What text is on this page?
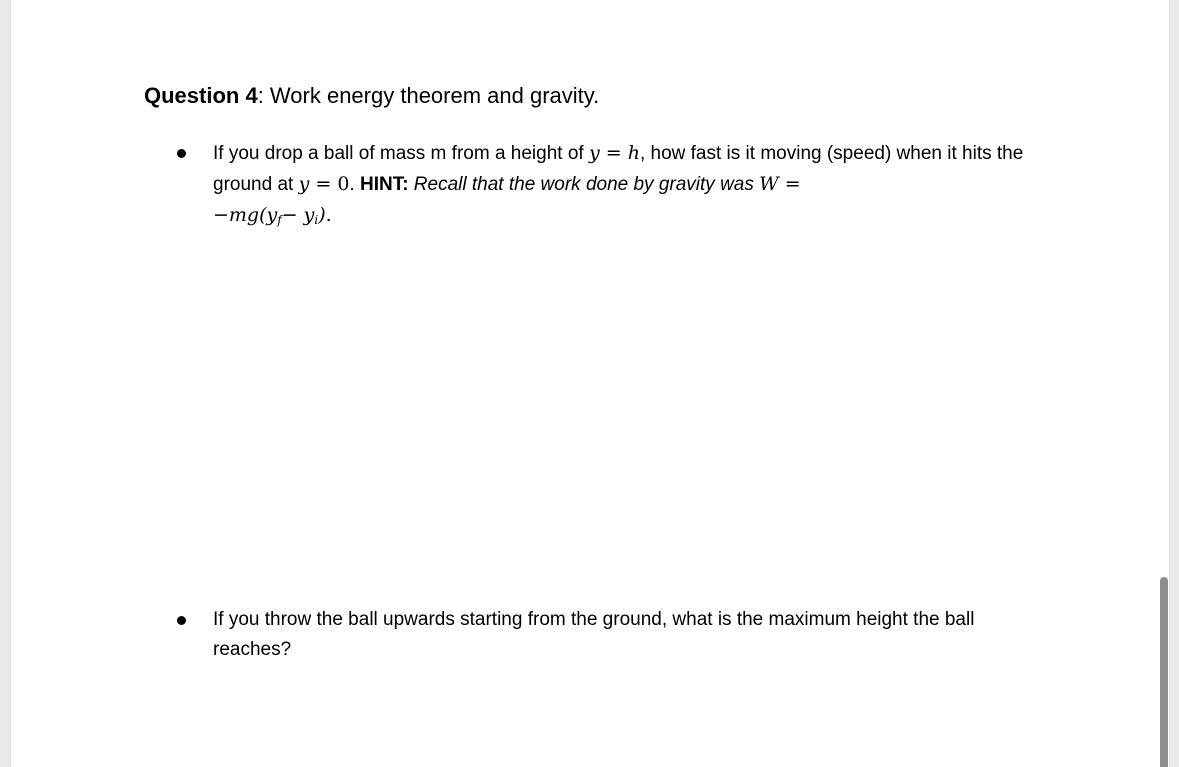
Question 4: Work energy theorem and gravity.
If you drop a ball of mass m from a height of y = h, how fast is it moving (speed) when it hits the ground at y = 0. HINT: Recall that the work done by gravity was W =
$-mg(y_f- y_i)$.
If you throw the ball upwards starting from the ground, what is the maximum height the ball reaches?
